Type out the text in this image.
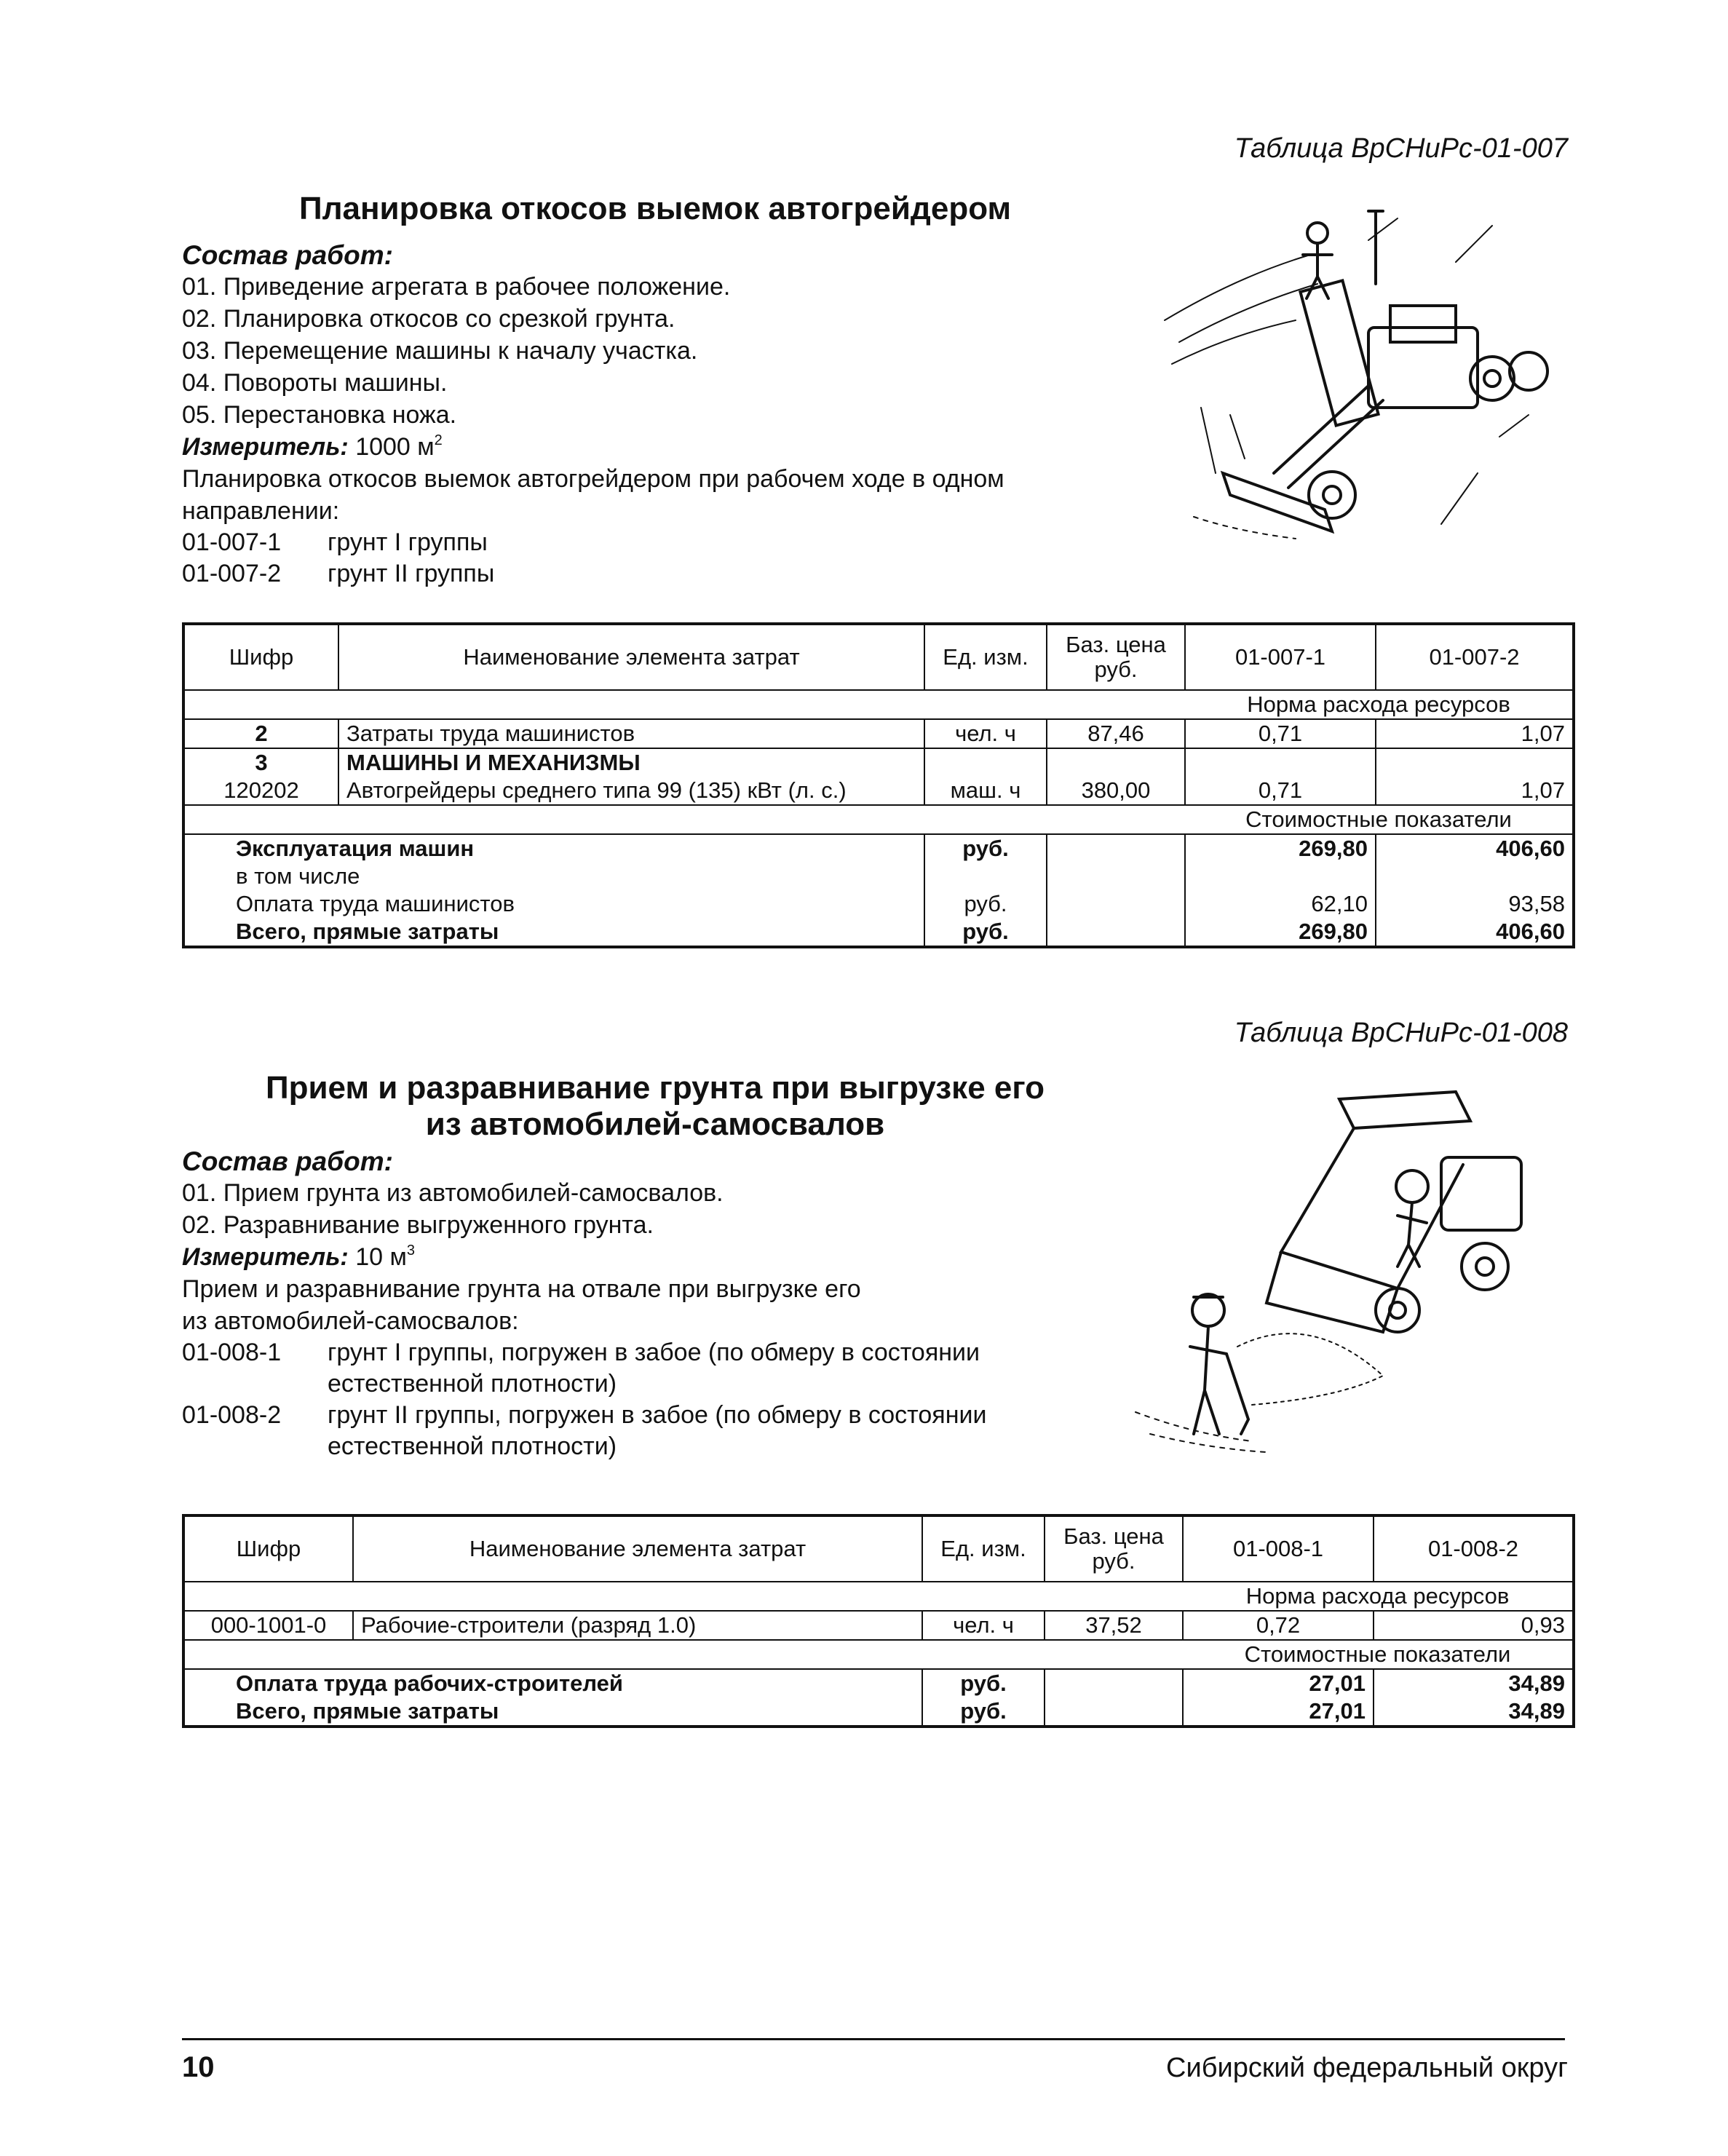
Таблица ВрСНиРс-01-007
Планировка откосов выемок автогрейдером
Состав работ:
01. Приведение агрегата в рабочее положение.
02. Планировка откосов со срезкой грунта.
03. Перемещение машины к началу участка.
04. Повороты машины.
05. Перестановка ножа.
Измеритель: 1000 $м^2$
Планировка откосов выемок автогрейдером при рабочем ходе в одном
направлении:
01-007-1	грунт I группы
01-007-2	грунт II группы
Шифр	Наименование элемента затрат	Ед. изм.	Баз. цена руб.	01-007-1	01-007-2
				Норма расхода ресурсов	
2	Затраты труда машинистов	чел. ч	87,46	0,71	1,07
3	МАШИНЫ И МЕХАНИЗМЫ				
120202	Автогрейдеры среднего типа 99 (135) кВт (л. с.)	маш. ч	380,00	0,71	1,07
				Стоимостные показатели	
Эксплуатация машин		руб.		269,80	406,60
в том числе					
Оплата труда машинистов		руб.		62,10	93,58
Всего, прямые затраты		руб.		269,80	406,60
Таблица ВрСНиРс-01-008
Прием и разравнивание грунта при выгрузке его
из автомобилей-самосвалов
Состав работ:
01. Прием грунта из автомобилей-самосвалов.
02. Разравнивание выгруженного грунта.
Измеритель: 10 $м^3$
Прием и разравнивание грунта на отвале при выгрузке его
из автомобилей-самосвалов:
01-008-1	грунт I группы, погружен в забое (по обмеру в состоянии естественной плотности)
01-008-2	грунт II группы, погружен в забое (по обмеру в состоянии естественной плотности)
Шифр	Наименование элемента затрат	Ед. изм.	Баз. цена руб.	01-008-1	01-008-2
				Норма расхода ресурсов	
000-1001-0	Рабочие-строители (разряд 1.0)	чел. ч	37,52	0,72	0,93
				Стоимостные показатели	
Оплата труда рабочих-строителей		руб.		27,01	34,89
Всего, прямые затраты		руб.		27,01	34,89
10	Сибирский федеральный округ
